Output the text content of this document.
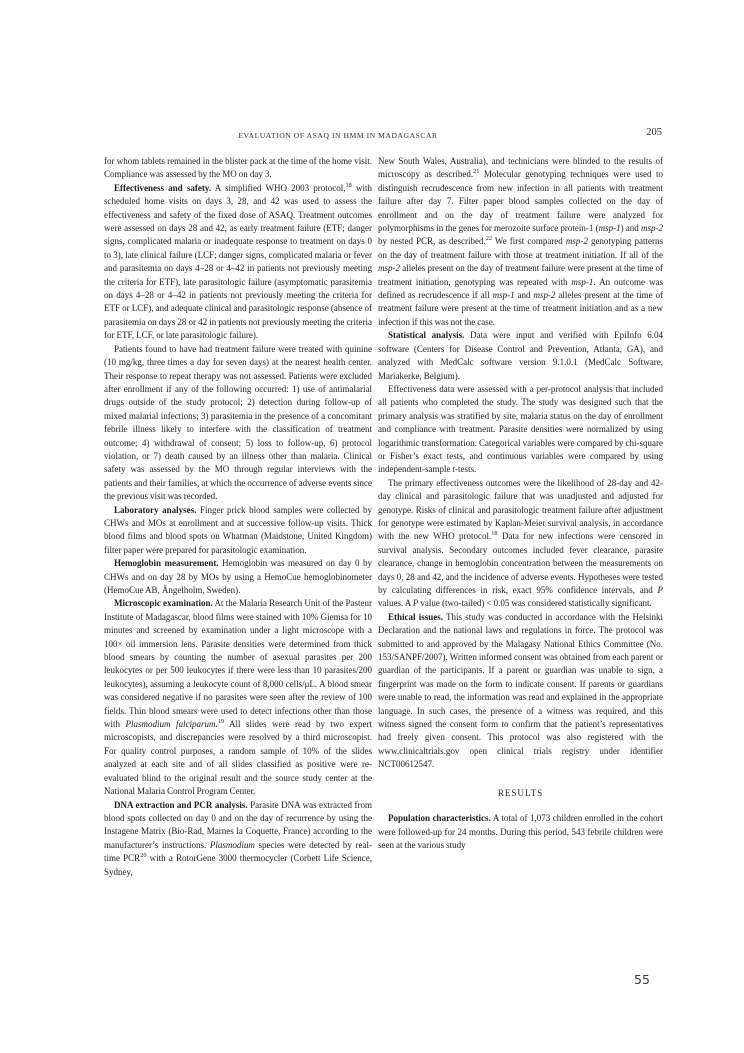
EVALUATION OF ASAQ IN HMM IN MADAGASCAR	205

for whom tablets remained in the blister pack at the time of the home visit. Compliance was assessed by the MO on day 3.

Effectiveness and safety. A simplified WHO 2003 protocol,$^{18}$ with scheduled home visits on days 3, 28, and 42 was used to assess the effectiveness and safety of the fixed dose of ASAQ. Treatment outcomes were assessed on days 28 and 42, as early treatment failure (ETF; danger signs, complicated malaria or inadequate response to treatment on days 0 to 3), late clinical failure (LCF; danger signs, complicated malaria or fever and parasitemia on days 4–28 or 4–42 in patients not previously meeting the criteria for ETF), late parasitologic failure (asymptomatic parasitemia on days 4–28 or 4–42 in patients not previously meeting the criteria for ETF or LCF), and adequate clinical and parasitologic response (absence of parasitemia on days 28 or 42 in patients not previously meeting the criteria for ETF, LCF, or late parasitologic failure).

Patients found to have had treatment failure were treated with quinine (10 mg/kg, three times a day for seven days) at the nearest health center. Their response to repeat therapy was not assessed. Patients were excluded after enrollment if any of the following occurred: 1) use of antimalarial drugs outside of the study protocol; 2) detection during follow-up of mixed malarial infections; 3) parasitemia in the presence of a concomitant febrile illness likely to interfere with the classification of treatment outcome; 4) withdrawal of consent; 5) loss to follow-up, 6) protocol violation, or 7) death caused by an illness other than malaria. Clinical safety was assessed by the MO through regular interviews with the patients and their families, at which the occurrence of adverse events since the previous visit was recorded.

Laboratory analyses. Finger prick blood samples were collected by CHWs and MOs at enrollment and at successive follow-up visits. Thick blood films and blood spots on Whatman (Maidstone, United Kingdom) filter paper were prepared for parasitologic examination.

Hemoglobin measurement. Hemoglobin was measured on day 0 by CHWs and on day 28 by MOs by using a HemoCue hemoglobinometer (HemoCue AB, Ängelholm, Sweden).

Microscopic examination. At the Malaria Research Unit of the Pasteur Institute of Madagascar, blood films were stained with 10% Giemsa for 10 minutes and screened by examination under a light microscope with a 100× oil immersion lens. Parasite densities were determined from thick blood smears by counting the number of asexual parasites per 200 leukocytes or per 500 leukocytes if there were less than 10 parasites/200 leukocytes), assuming a leukocyte count of 8,000 cells/μL. A blood smear was considered negative if no parasites were seen after the review of 100 fields. Thin blood smears were used to detect infections other than those with Plasmodium falciparum.$^{19}$ All slides were read by two expert microscopists, and discrepancies were resolved by a third microscopist. For quality control purposes, a random sample of 10% of the slides analyzed at each site and of all slides classified as positive were re-evaluated blind to the original result and the source study center at the National Malaria Control Program Center.

DNA extraction and PCR analysis. Parasite DNA was extracted from blood spots collected on day 0 and on the day of recurrence by using the Instagene Matrix (Bio-Rad, Marnes la Coquette, France) according to the manufacturer’s instructions. Plasmodium species were detected by real-time PCR$^{20}$ with a RotorGene 3000 thermocycler (Corbett Life Science, Sydney,

New South Wales, Australia), and technicians were blinded to the results of microscopy as described.$^{21}$ Molecular genotyping techniques were used to distinguish recrudescence from new infection in all patients with treatment failure after day 7. Filter paper blood samples collected on the day of enrollment and on the day of treatment failure were analyzed for polymorphisms in the genes for merozoite surface protein-1 (msp-1) and msp-2 by nested PCR, as described.$^{22}$ We first compared msp-2 genotyping patterns on the day of treatment failure with those at treatment initiation. If all of the msp-2 alleles present on the day of treatment failure were present at the time of treatment initiation, genotyping was repeated with msp-1. An outcome was defined as recrudescence if all msp-1 and msp-2 alleles present at the time of treatment failure were present at the time of treatment initiation and as a new infection if this was not the case.

Statistical analysis. Data were input and verified with EpiInfo 6.04 software (Centers for Disease Control and Prevention, Atlanta, GA), and analyzed with MedCalc software version 9.1.0.1 (MedCalc Software, Mariakerke, Belgium).

Effectiveness data were assessed with a per-protocol analysis that included all patients who completed the study. The study was designed such that the primary analysis was stratified by site, malaria status on the day of enrollment and compliance with treatment. Parasite densities were normalized by using logarithmic transformation. Categorical variables were compared by chi-square or Fisher’s exact tests, and continuous variables were compared by using independent-sample t-tests.

The primary effectiveness outcomes were the likelihood of 28-day and 42-day clinical and parasitologic failure that was unadjusted and adjusted for genotype. Risks of clinical and parasitologic treatment failure after adjustment for genotype were estimated by Kaplan-Meier survival analysis, in accordance with the new WHO protocol.$^{18}$ Data for new infections were censored in survival analysis. Secondary outcomes included fever clearance, parasite clearance, change in hemoglobin concentration between the measurements on days 0, 28 and 42, and the incidence of adverse events. Hypotheses were tested by calculating differences in risk, exact 95% confidence intervals, and P values. A P value (two-tailed) < 0.05 was considered statistically significant.

Ethical issues. This study was conducted in accordance with the Helsinki Declaration and the national laws and regulations in force. The protocol was submitted to and approved by the Malagasy National Ethics Committee (No. 153/SANPF/2007). Written informed consent was obtained from each parent or guardian of the participants. If a parent or guardian was unable to sign, a fingerprint was made on the form to indicate consent. If parents or guardians were unable to read, the information was read and explained in the appropriate language. In such cases, the presence of a witness was required, and this witness signed the consent form to confirm that the patient’s representatives had freely given consent. This protocol was also registered with the www.clinicaltrials.gov open clinical trials registry under identifier NCT00612547.

RESULTS

Population characteristics. A total of 1,073 children enrolled in the cohort were followed-up for 24 months. During this period, 543 febrile children were seen at the various study

55
